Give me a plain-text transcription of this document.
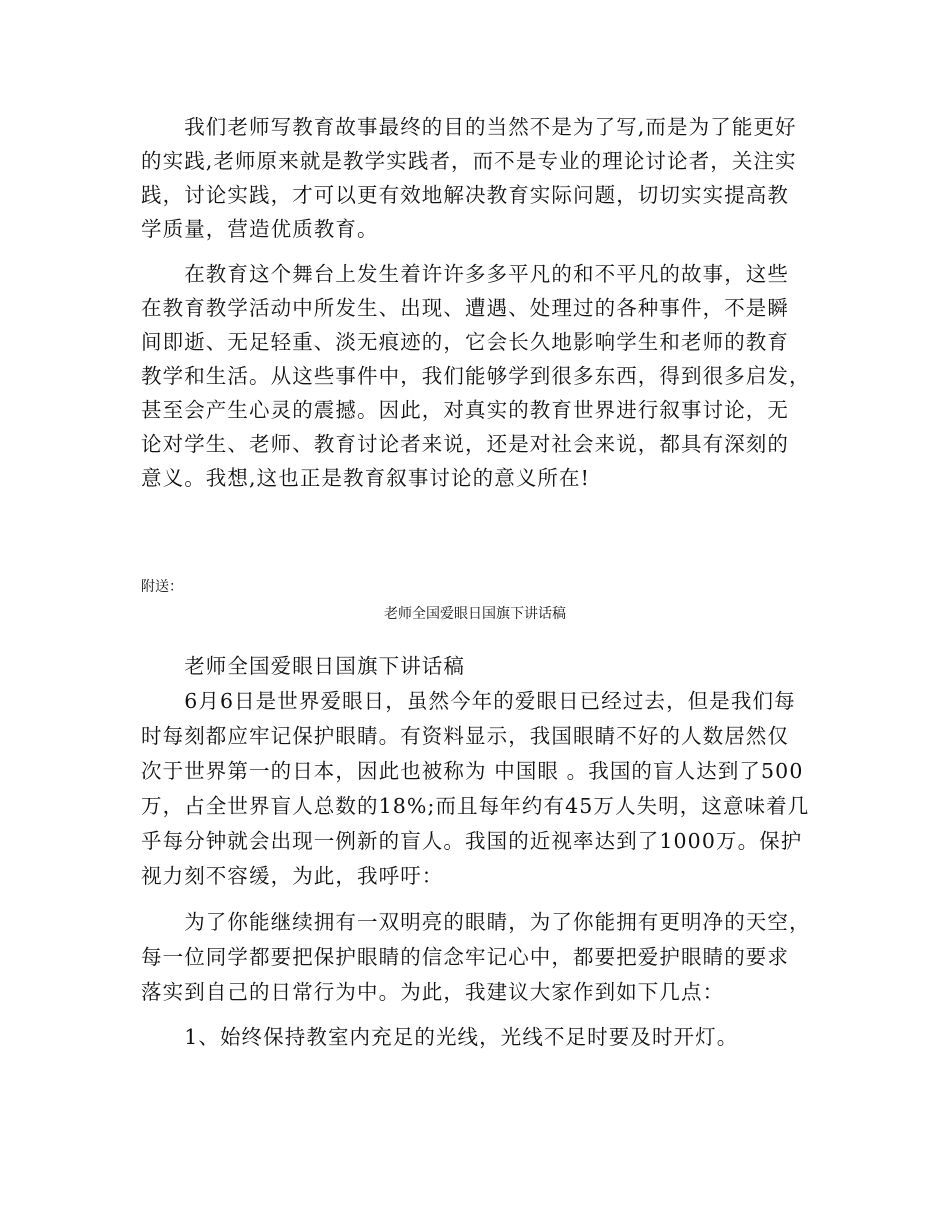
　　我们老师写教育故事最终的目的当然不是为了写,而是为了能更好
的实践,老师原来就是教学实践者，而不是专业的理论讨论者，关注实
践，讨论实践，才可以更有效地解决教育实际问题，切切实实提高教
学质量，营造优质教育。
　　在教育这个舞台上发生着许许多多平凡的和不平凡的故事，这些
在教育教学活动中所发生、出现、遭遇、处理过的各种事件，不是瞬
间即逝、无足轻重、淡无痕迹的，它会长久地影响学生和老师的教育
教学和生活。从这些事件中，我们能够学到很多东西，得到很多启发，
甚至会产生心灵的震撼。因此，对真实的教育世界进行叙事讨论，无
论对学生、老师、教育讨论者来说，还是对社会来说，都具有深刻的
意义。我想,这也正是教育叙事讨论的意义所在!
附送：
老师全国爱眼日国旗下讲话稿
　　老师全国爱眼日国旗下讲话稿
　　6月6日是世界爱眼日，虽然今年的爱眼日已经过去，但是我们每
时每刻都应牢记保护眼睛。有资料显示，我国眼睛不好的人数居然仅
次于世界第一的日本，因此也被称为 中国眼 。我国的盲人达到了500
万，占全世界盲人总数的18%;而且每年约有45万人失明，这意味着几
乎每分钟就会出现一例新的盲人。我国的近视率达到了1000万。保护
视力刻不容缓，为此，我呼吁：
　　为了你能继续拥有一双明亮的眼睛，为了你能拥有更明净的天空，
每一位同学都要把保护眼睛的信念牢记心中，都要把爱护眼睛的要求
落实到自己的日常行为中。为此，我建议大家作到如下几点：
　　1、始终保持教室内充足的光线，光线不足时要及时开灯。
